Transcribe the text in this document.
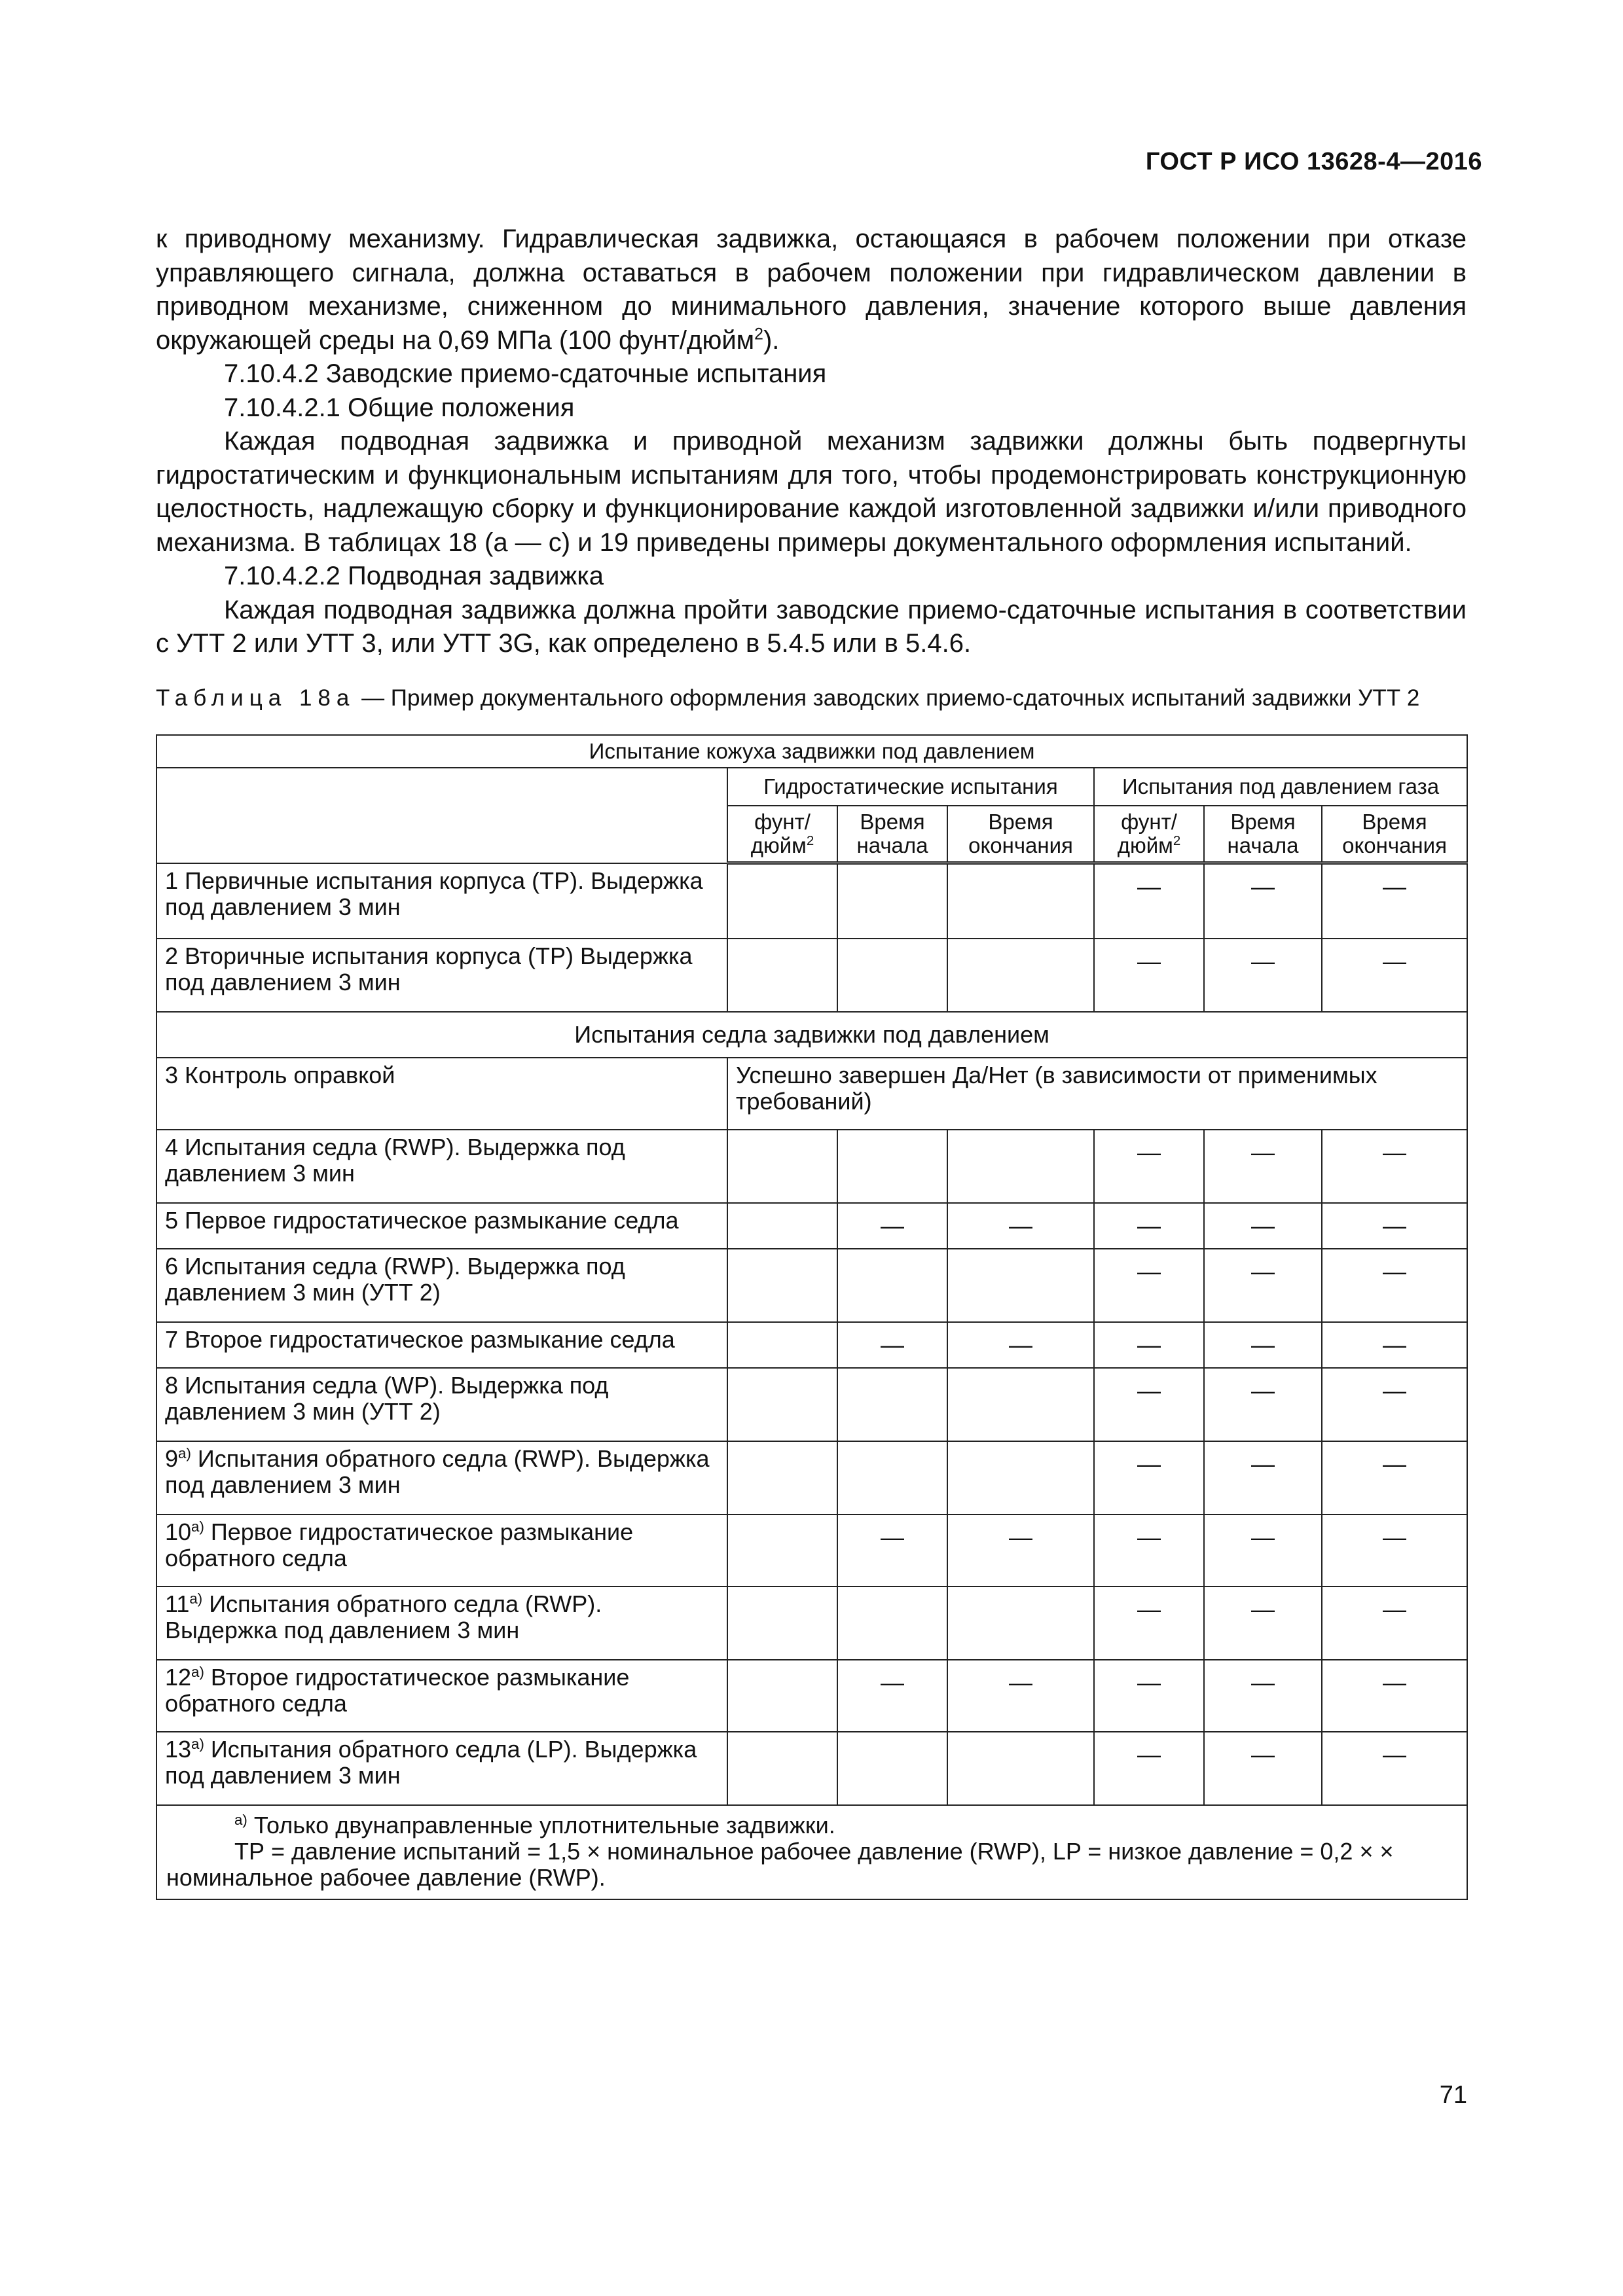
ГОСТ Р ИСО 13628-4—2016

к приводному механизму. Гидравлическая задвижка, остающаяся в рабочем положении при отказе управляющего сигнала, должна оставаться в рабочем положении при гидравлическом давлении в приводном механизме, сниженном до минимального давления, значение которого выше давления окружающей среды на 0,69 МПа (100 фунт/дюйм$^2$).

7.10.4.2 Заводские приемо-сдаточные испытания

7.10.4.2.1 Общие положения

Каждая подводная задвижка и приводной механизм задвижки должны быть подвергнуты гидростатическим и функциональным испытаниям для того, чтобы продемонстрировать конструкционную целостность, надлежащую сборку и функционирование каждой изготовленной задвижки и/или приводного механизма. В таблицах 18 (а — с) и 19 приведены примеры документального оформления испытаний.

7.10.4.2.2 Подводная задвижка

Каждая подводная задвижка должна пройти заводские приемо-сдаточные испытания в соответствии с УТТ 2 или УТТ 3, или УТТ 3G, как определено в 5.4.5 или в 5.4.6.

Таблица 18а — Пример документального оформления заводских приемо-сдаточных испытаний задвижки УТТ 2
Испытание кожуха задвижки под давлением						
	Гидростатические испытания			Испытания под давлением газа		
	фунт/ дюйм$^2$	Время начала	Время окончания	фунт/ дюйм$^2$	Время начала	Время окончания
1 Первичные испытания корпуса (ТР). Выдержка под давлением 3 мин				—	—	—
2 Вторичные испытания корпуса (ТР) Выдержка под давлением 3 мин				—	—	—
Испытания седла задвижки под давлением						
3 Контроль оправкой	Успешно завершен Да/Нет (в зависимости от применимых требований)					
4 Испытания седла (RWP). Выдержка под давлением 3 мин				—	—	—
5 Первое гидростатическое размыкание седла		—	—	—	—	—
6 Испытания седла (RWP). Выдержка под давлением 3 мин (УТТ 2)				—	—	—
7 Второе гидростатическое размыкание седла		—	—	—	—	—
8 Испытания седла (WP). Выдержка под давлением 3 мин (УТТ 2)				—	—	—
$9^{а)}$ Испытания обратного седла (RWP). Выдержка под давлением 3 мин				—	—	—
$10^{а)}$ Первое гидростатическое размыкание обратного седла		—	—	—	—	—
$11^{а)}$ Испытания обратного седла (RWP). Выдержка под давлением 3 мин				—	—	—
$12^{а)}$ Второе гидростатическое размыкание обратного седла		—	—	—	—	—
$13^{а)}$ Испытания обратного седла (LP). Выдержка под давлением 3 мин				—	—	—

$^{а)}$ Только двунаправленные уплотнительные задвижки.
ТР = давление испытаний = 1,5 × номинальное рабочее давление (RWP), LP = низкое давление = 0,2 × × номинальное рабочее давление (RWP).						
71
